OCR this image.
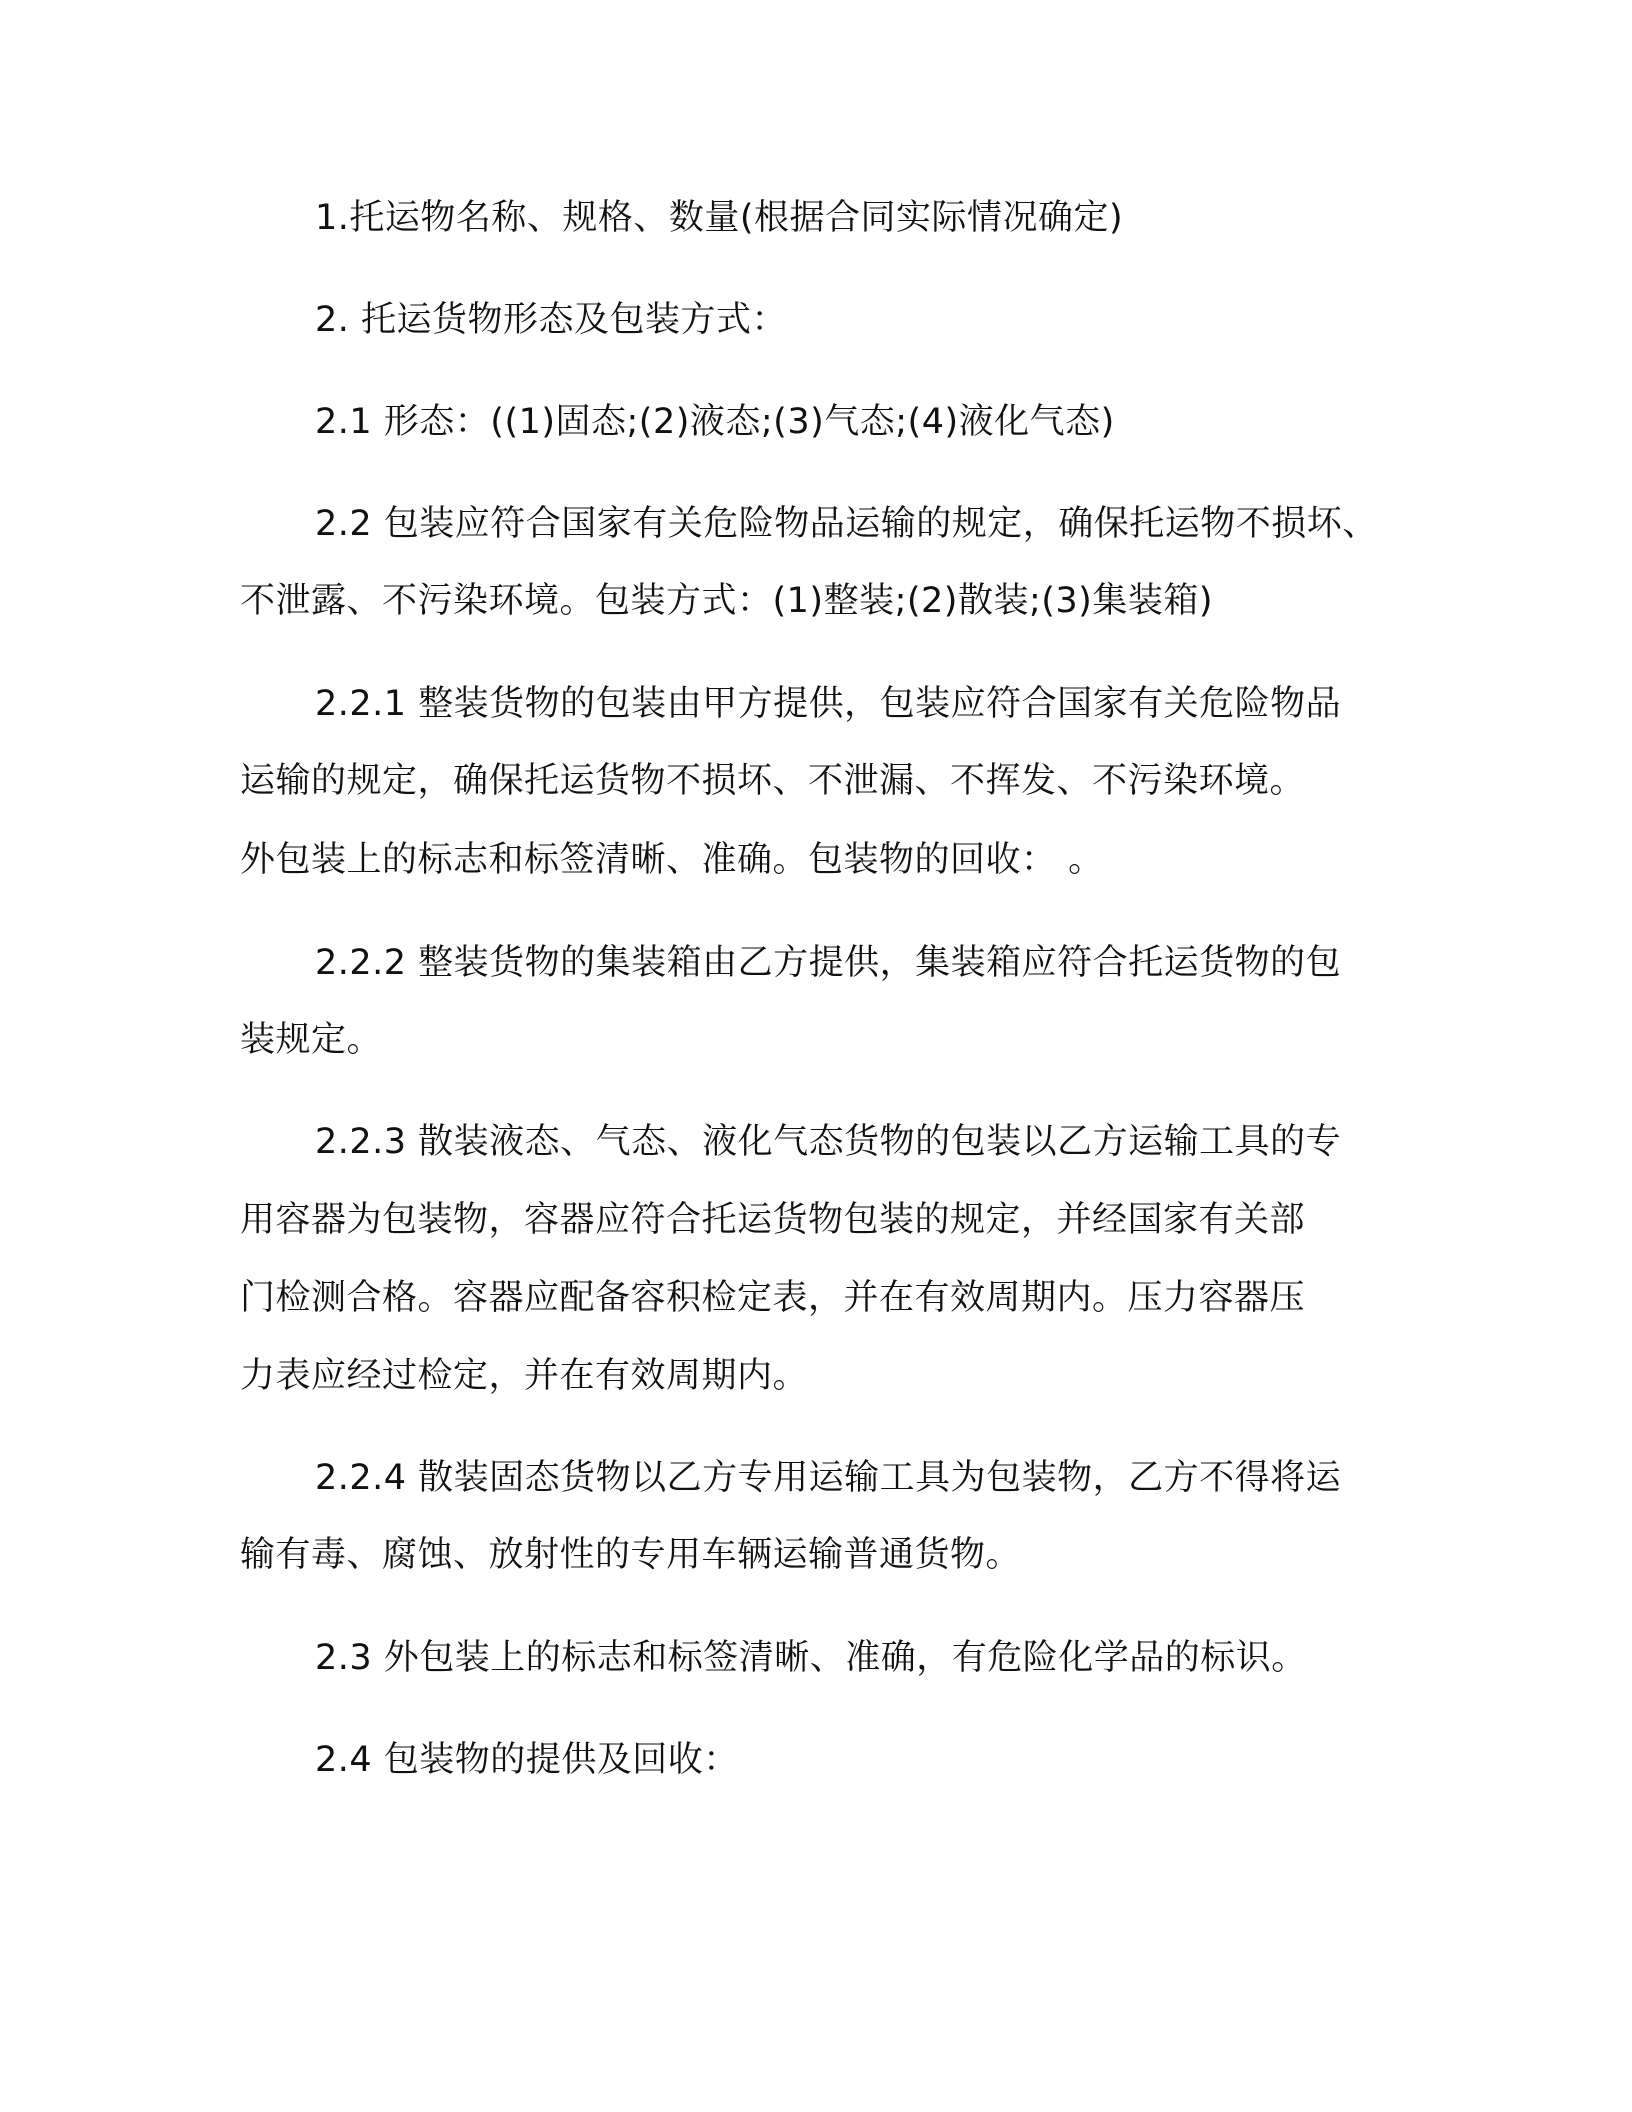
1.托运物名称、规格、数量(根据合同实际情况确定)
2. 托运货物形态及包装方式：
2.1 形态：((1)固态;(2)液态;(3)气态;(4)液化气态)
2.2 包装应符合国家有关危险物品运输的规定，确保托运物不损坏、
不泄露、不污染环境。包装方式：(1)整装;(2)散装;(3)集装箱)
2.2.1 整装货物的包装由甲方提供，包装应符合国家有关危险物品
运输的规定，确保托运货物不损坏、不泄漏、不挥发、不污染环境。
外包装上的标志和标签清晰、准确。包装物的回收： 。
2.2.2 整装货物的集装箱由乙方提供，集装箱应符合托运货物的包
装规定。
2.2.3 散装液态、气态、液化气态货物的包装以乙方运输工具的专
用容器为包装物，容器应符合托运货物包装的规定，并经国家有关部
门检测合格。容器应配备容积检定表，并在有效周期内。压力容器压
力表应经过检定，并在有效周期内。
2.2.4 散装固态货物以乙方专用运输工具为包装物，乙方不得将运
输有毒、腐蚀、放射性的专用车辆运输普通货物。
2.3 外包装上的标志和标签清晰、准确，有危险化学品的标识。
2.4 包装物的提供及回收：
